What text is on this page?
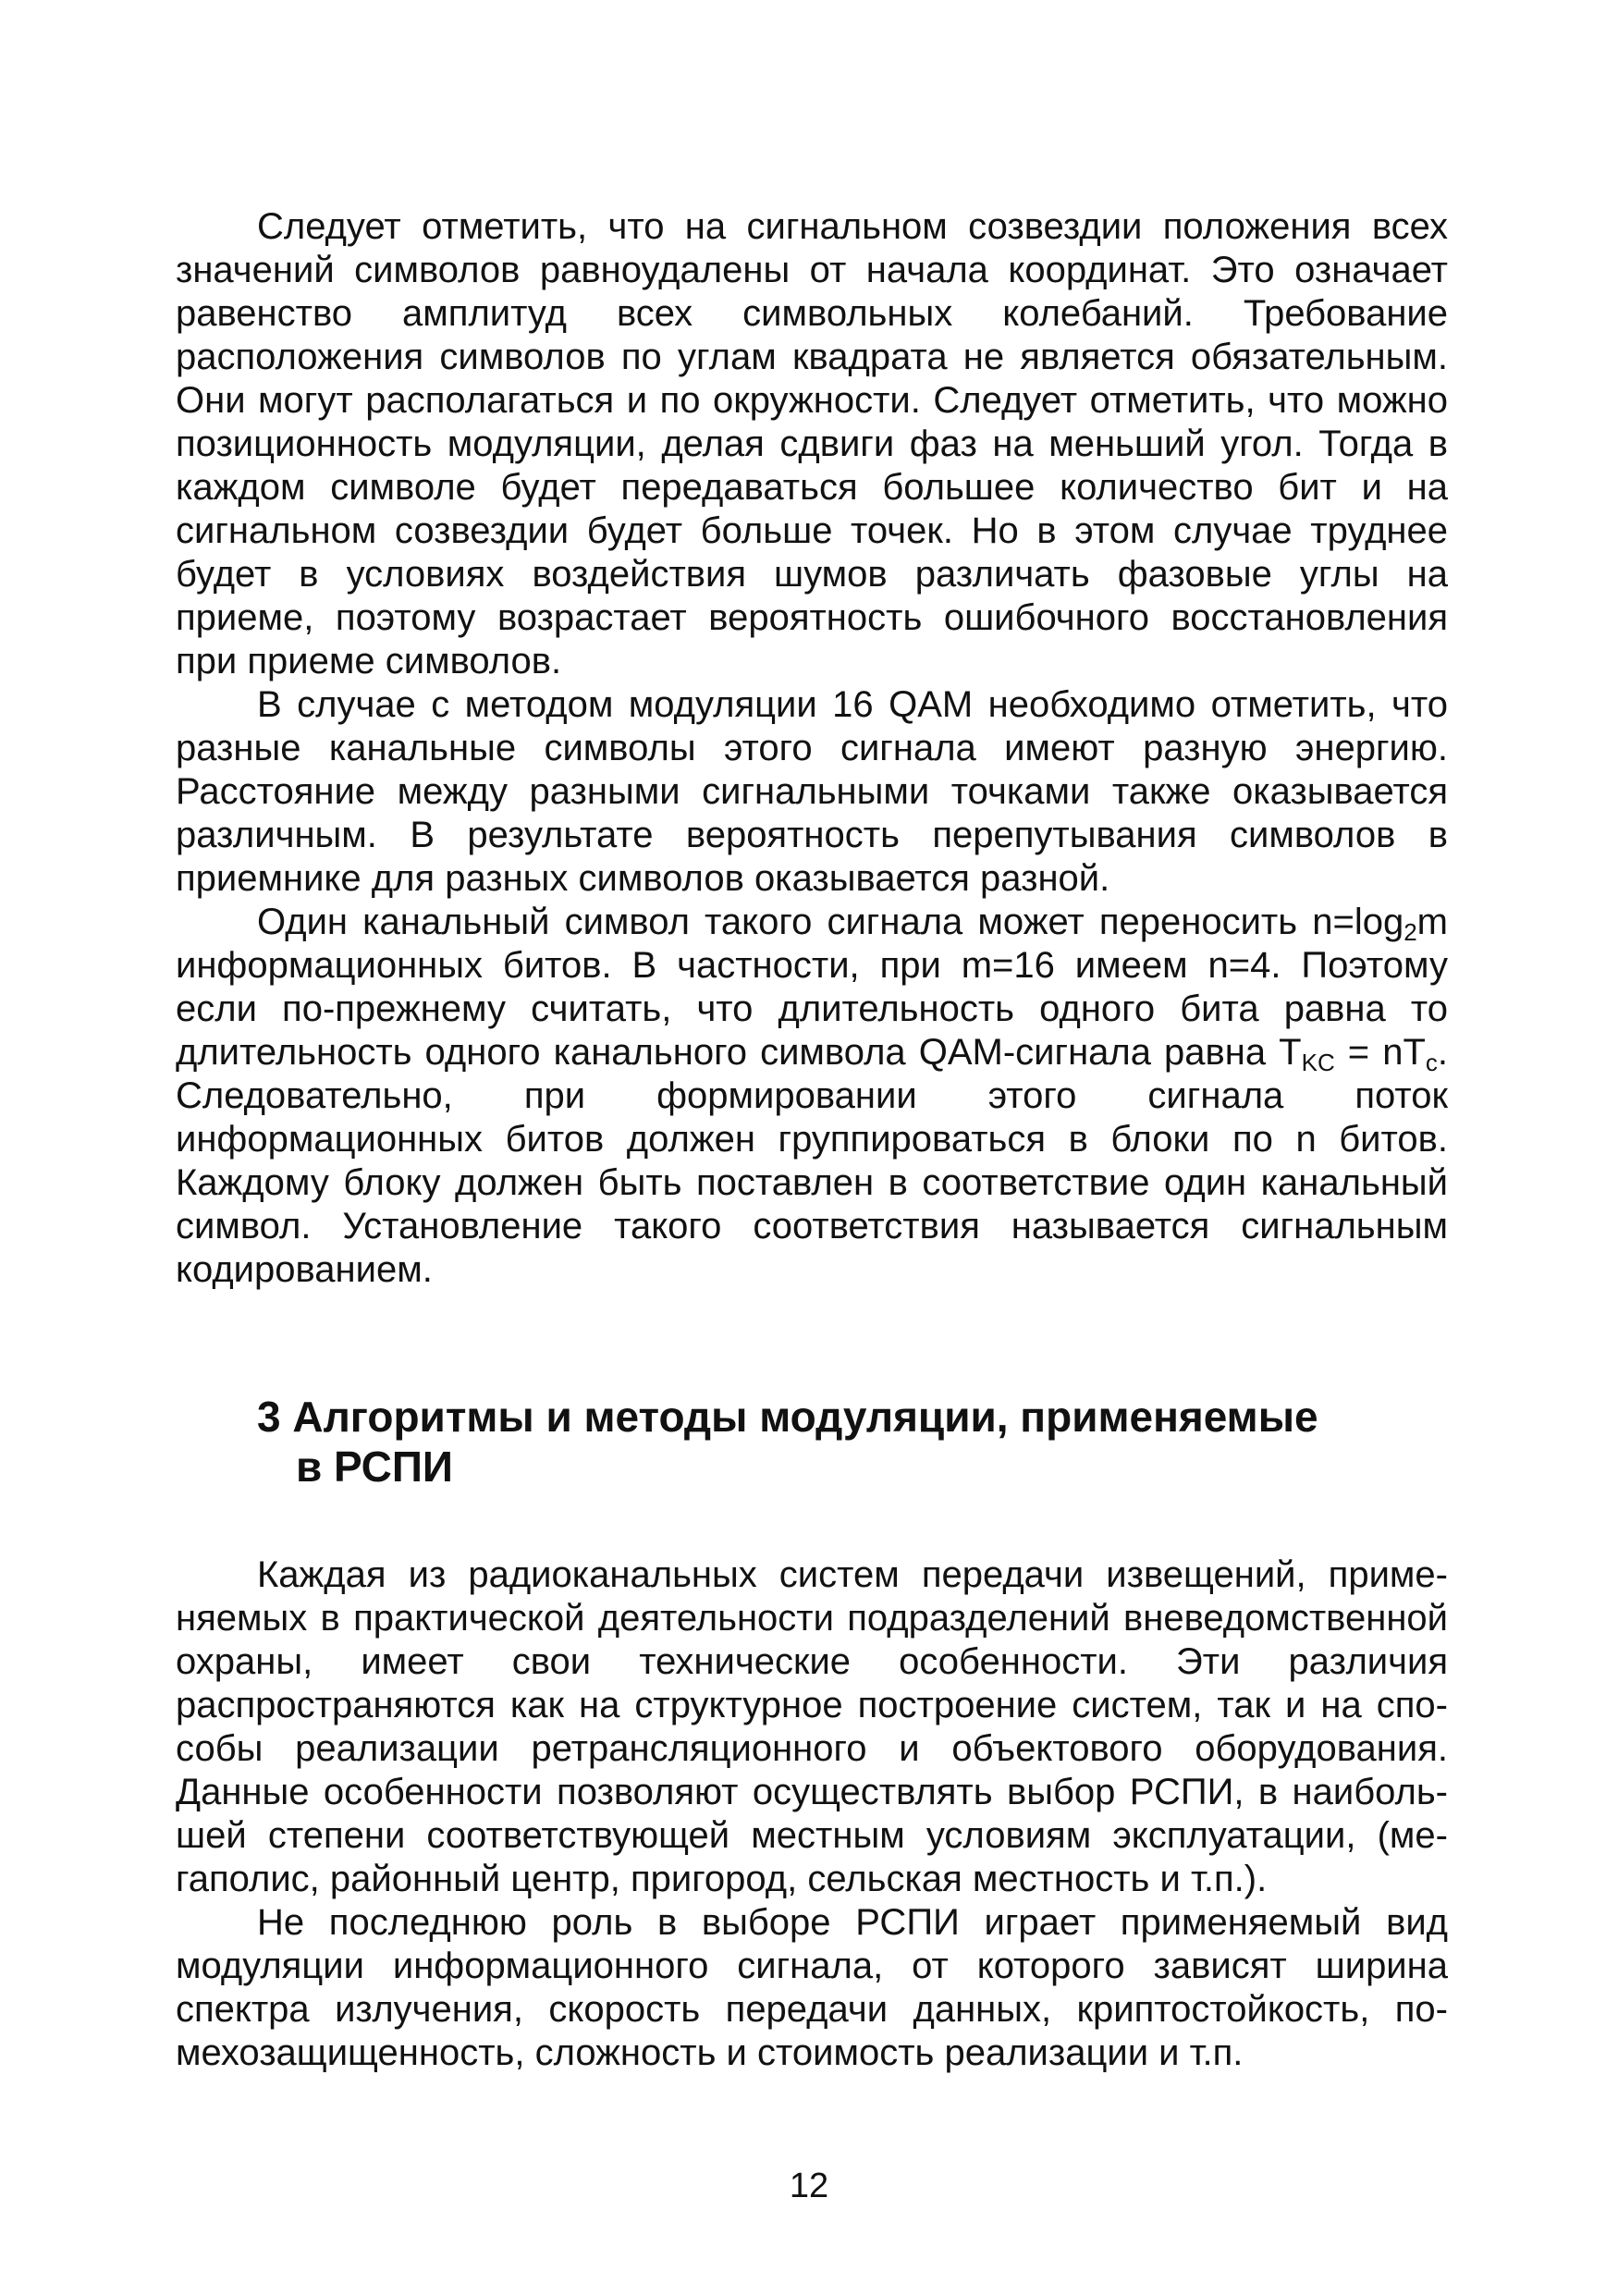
Следует отметить, что на сигнальном созвездии положения всех значений символов равноудалены от начала координат. Это означает равенство амплитуд всех символьных колебаний. Требование расположения символов по углам квадрата не является обязательным. Они могут располагаться и по окружности. Следует отметить, что можно позиционность модуляции, делая сдвиги фаз на меньший угол. Тогда в каждом символе будет передаваться большее количество бит и на сигнальном созвездии будет больше точек. Но в этом случае труднее будет в условиях воздействия шумов различать фазовые углы на приеме, поэтому возрастает вероятность ошибочного восстановления при приеме символов.

В случае с методом модуляции 16 QAM необходимо отметить, что разные канальные символы этого сигнала имеют разную энергию. Расстояние между разными сигнальными точками также оказывается различным. В результате вероятность перепутывания символов в приемнике для разных символов оказывается разной.

Один канальный символ такого сигнала может переносить $n=\log_2m$ информационных битов. В частности, при m=16 имеем n=4. Поэтому если по-прежнему считать, что длительность одного бита равна то длительность одного канального символа QAM-сигнала равна $T_{KC} = nT_c$. Следовательно, при формировании этого сигнала поток информационных битов должен группироваться в блоки по n битов. Каждому блоку должен быть поставлен в соответствие один канальный символ. Установление такого соответствия называется сигнальным кодированием.

3 Алгоритмы и методы модуляции, применяемые
в РСПИ

Каждая из радиоканальных систем передачи извещений, применяемых в практической деятельности подразделений вневедомственной охраны, имеет свои технические особенности. Эти различия распространяются как на структурное построение систем, так и на способы реализации ретрансляционного и объектового оборудования. Данные особенности позволяют осуществлять выбор РСПИ, в наибольшей степени соответствующей местным условиям эксплуатации, (мегаполис, районный центр, пригород, сельская местность и т.п.).

Не последнюю роль в выборе РСПИ играет применяемый вид модуляции информационного сигнала, от которого зависят ширина спектра излучения, скорость передачи данных, криптостойкость, помехозащищенность, сложность и стоимость реализации и т.п.

12
